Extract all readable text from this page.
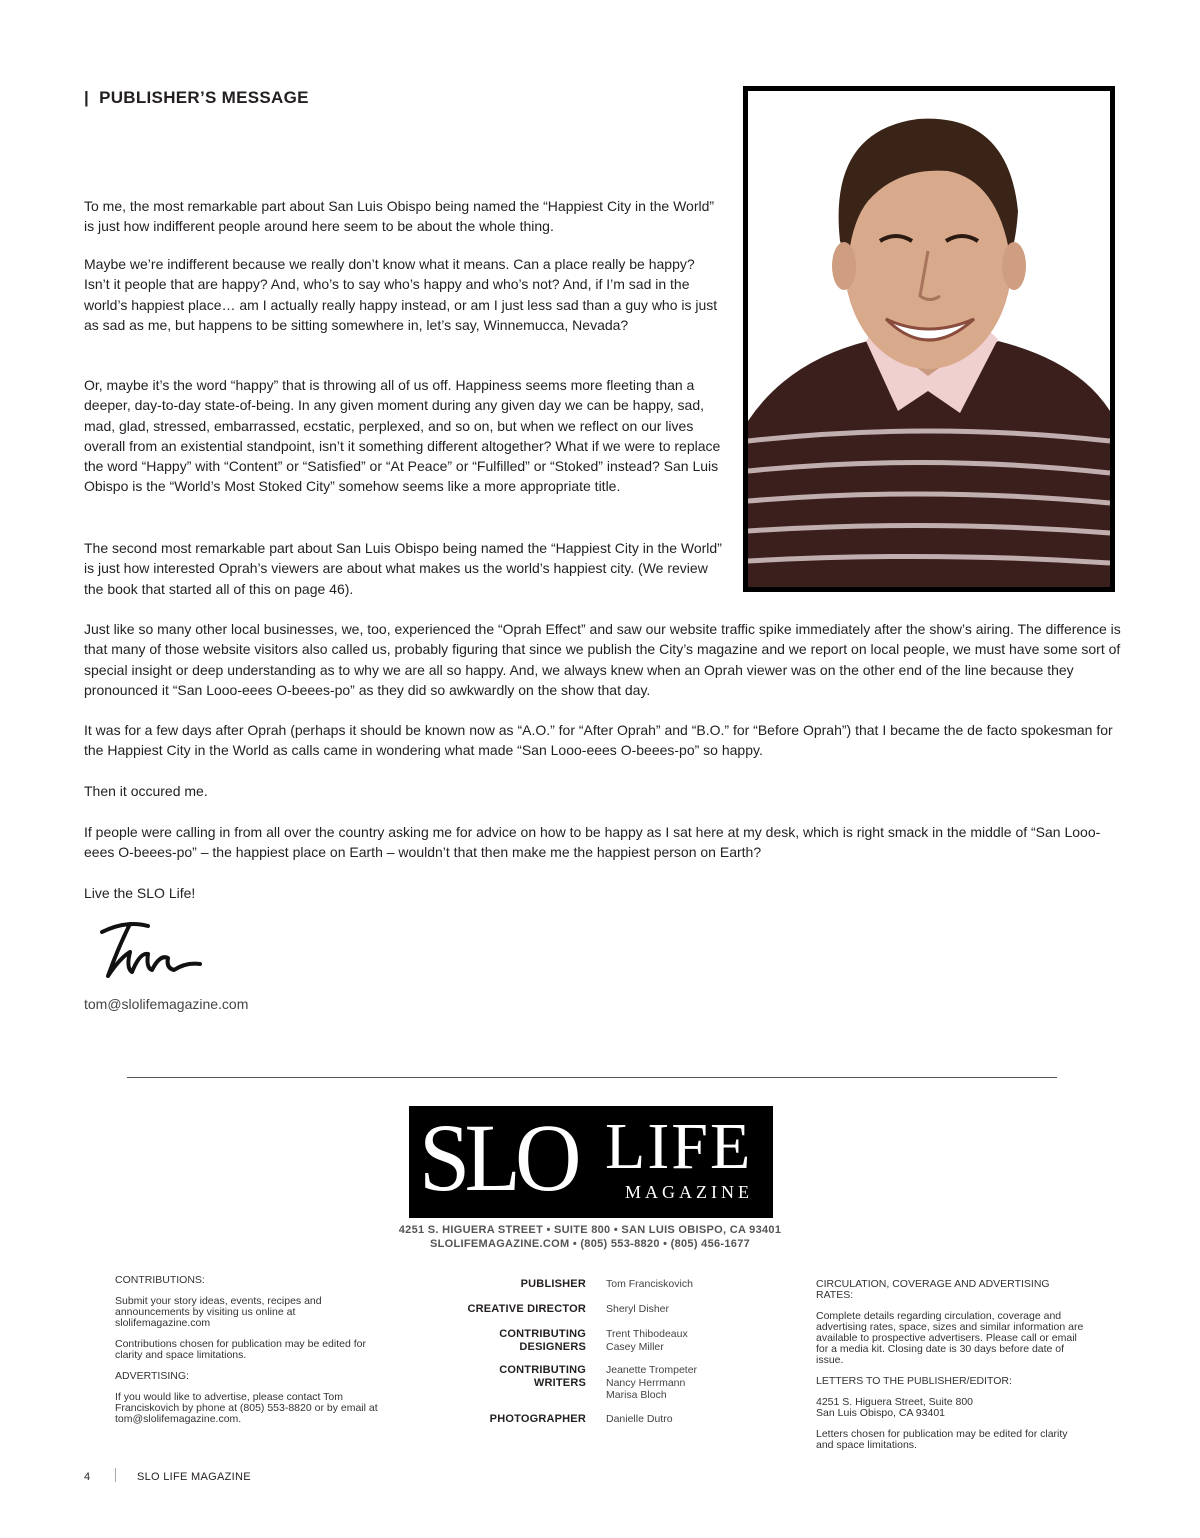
| PUBLISHER’S MESSAGE

To me, the most remarkable part about San Luis Obispo being named the “Happiest City in the World” is just how indifferent people around here seem to be about the whole thing.

Maybe we’re indifferent because we really don’t know what it means. Can a place really be happy? Isn’t it people that are happy? And, who’s to say who’s happy and who’s not? And, if I’m sad in the world’s happiest place… am I actually really happy instead, or am I just less sad than a guy who is just as sad as me, but happens to be sitting somewhere in, let’s say, Winnemucca, Nevada?

Or, maybe it’s the word “happy” that is throwing all of us off. Happiness seems more fleeting than a deeper, day-to-day state-of-being. In any given moment during any given day we can be happy, sad, mad, glad, stressed, embarrassed, ecstatic, perplexed, and so on, but when we reflect on our lives overall from an existential standpoint, isn’t it something different altogether? What if we were to replace the word “Happy” with “Content” or “Satisfied” or “At Peace” or “Fulfilled” or “Stoked” instead? San Luis Obispo is the “World’s Most Stoked City” somehow seems like a more appropriate title.

The second most remarkable part about San Luis Obispo being named the “Happiest City in the World” is just how interested Oprah’s viewers are about what makes us the world’s happiest city. (We review the book that started all of this on page 46).

Just like so many other local businesses, we, too, experienced the “Oprah Effect” and saw our website traffic spike immediately after the show’s airing. The difference is that many of those website visitors also called us, probably figuring that since we publish the City’s magazine and we report on local people, we must have some sort of special insight or deep understanding as to why we are all so happy. And, we always knew when an Oprah viewer was on the other end of the line because they pronounced it “San Looo-eees O-beees-po” as they did so awkwardly on the show that day.

It was for a few days after Oprah (perhaps it should be known now as “A.O.” for “After Oprah” and “B.O.” for “Before Oprah”) that I became the de facto spokesman for the Happiest City in the World as calls came in wondering what made “San Looo-eees O-beees-po” so happy.

Then it occured me.

If people were calling in from all over the country asking me for advice on how to be happy as I sat here at my desk, which is right smack in the middle of “San Looo-eees O-beees-po” – the happiest place on Earth – wouldn’t that then make me the happiest person on Earth?

Live the SLO Life!

tom@slolifemagazine.com
SLO LIFE
MAGAZINE
4251 S. HIGUERA STREET • SUITE 800 • SAN LUIS OBISPO, CA 93401
SLOLIFEMAGAZINE.COM • (805) 553-8820 • (805) 456-1677

CONTRIBUTIONS:

Submit your story ideas, events, recipes and announcements by visiting us online at slolifemagazine.com

Contributions chosen for publication may be edited for clarity and space limitations.

ADVERTISING:

If you would like to advertise, please contact Tom Franciskovich by phone at (805) 553-8820 or by email at tom@slolifemagazine.com.

PUBLISHER Tom Franciskovich
CREATIVE DIRECTOR Sheryl Disher
CONTRIBUTING DESIGNERS
Trent Thibodeaux
Casey Miller
CONTRIBUTING WRITERS
Jeanette Trompeter
Nancy Herrmann
Marisa Bloch
PHOTOGRAPHER Danielle Dutro

CIRCULATION, COVERAGE AND ADVERTISING RATES:

Complete details regarding circulation, coverage and advertising rates, space, sizes and similar information are available to prospective advertisers. Please call or email for a media kit. Closing date is 30 days before date of issue.

LETTERS TO THE PUBLISHER/EDITOR:

4251 S. Higuera Street, Suite 800

San Luis Obispo, CA 93401

Letters chosen for publication may be edited for clarity and space limitations.

4	SLO LIFE MAGAZINE
